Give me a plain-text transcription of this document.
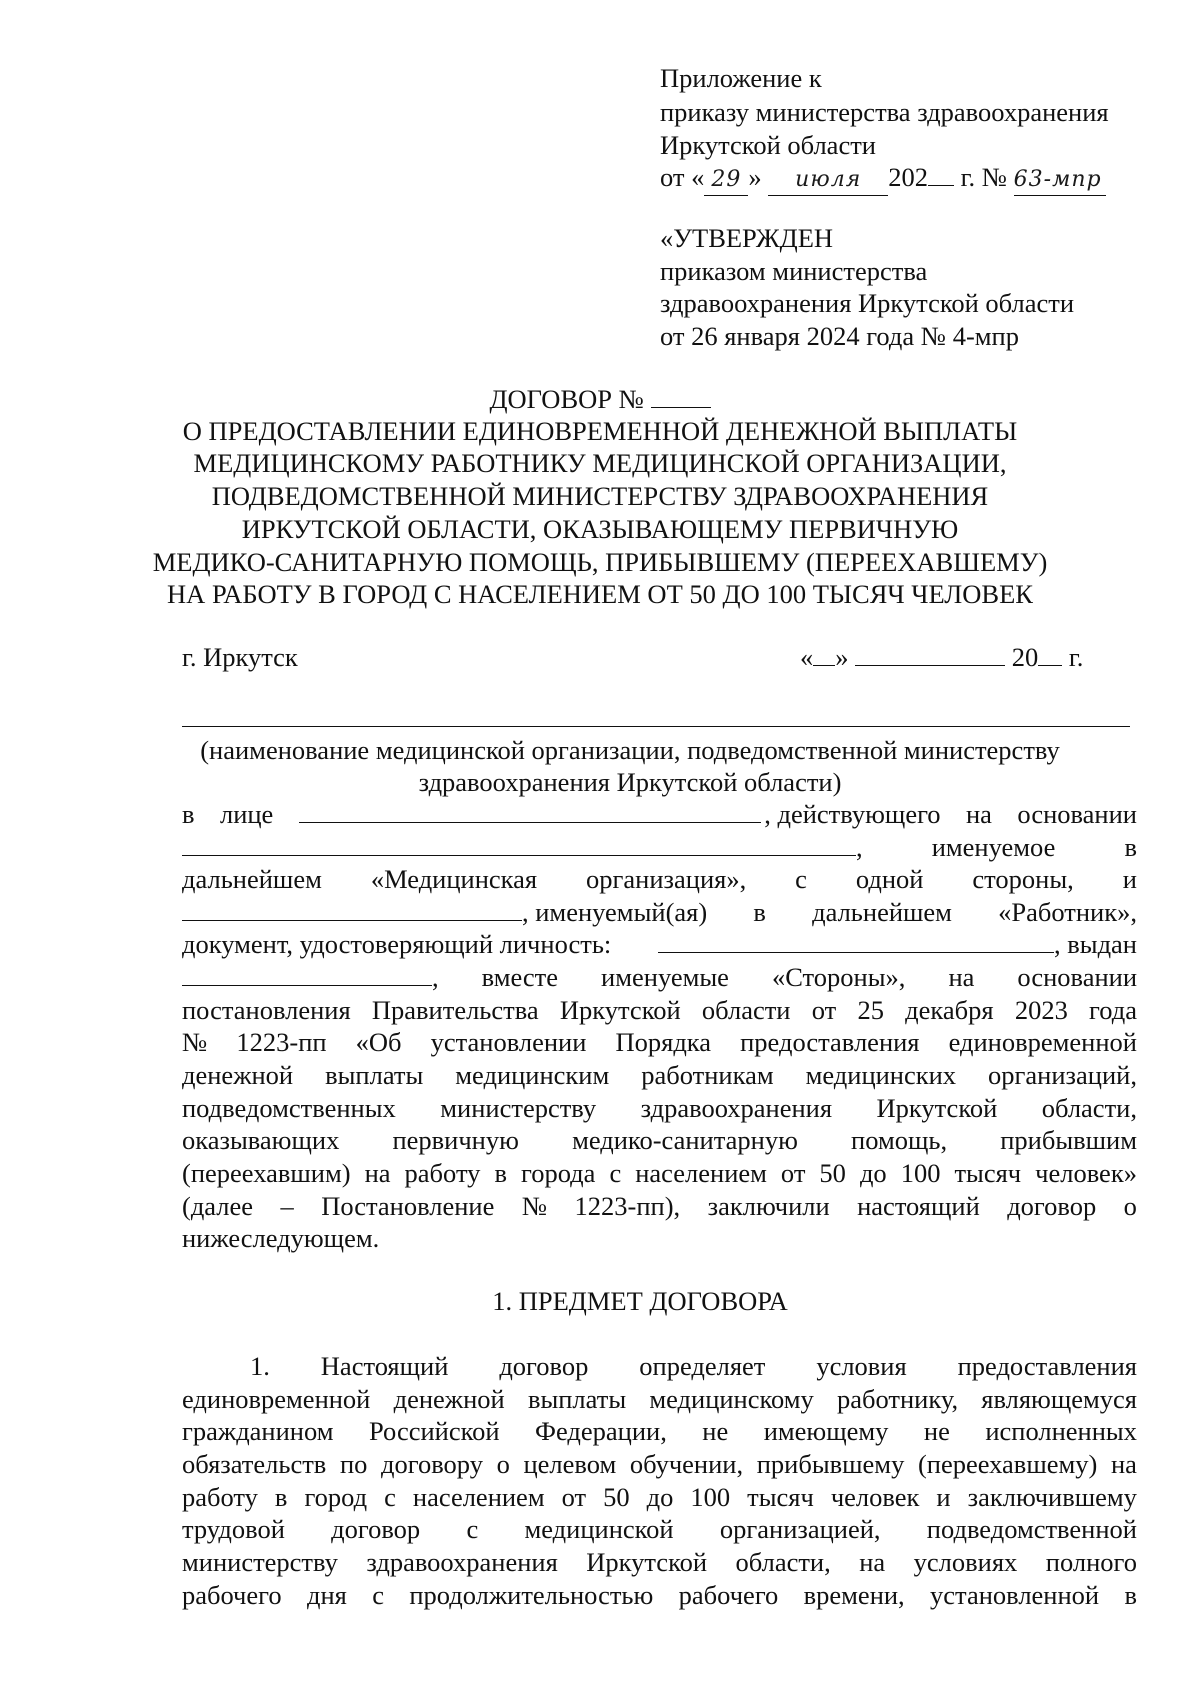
Приложение к
приказу министерства здравоохранения
Иркутской области
от « 29 » июля 202 г. № 63-мпр
«УТВЕРЖДЕН
приказом министерства
здравоохранения Иркутской области
от 26 января 2024 года № 4-мпр
ДОГОВОР №
О ПРЕДОСТАВЛЕНИИ ЕДИНОВРЕМЕННОЙ ДЕНЕЖНОЙ ВЫПЛАТЫ
МЕДИЦИНСКОМУ РАБОТНИКУ МЕДИЦИНСКОЙ ОРГАНИЗАЦИИ,
ПОДВЕДОМСТВЕННОЙ МИНИСТЕРСТВУ ЗДРАВООХРАНЕНИЯ
ИРКУТСКОЙ ОБЛАСТИ, ОКАЗЫВАЮЩЕМУ ПЕРВИЧНУЮ
МЕДИКО-САНИТАРНУЮ ПОМОЩЬ, ПРИБЫВШЕМУ (ПЕРЕЕХАВШЕМУ)
НА РАБОТУ В ГОРОД С НАСЕЛЕНИЕМ ОТ 50 ДО 100 ТЫСЯЧ ЧЕЛОВЕК
г. Иркутск	« »	20 г.
(наименование медицинской организации, подведомственной министерству
здравоохранения Иркутской области)
в лице	, действующего на основании
,	именуемое	в
дальнейшем «Медицинская организация», с одной стороны, и
, именуемый(ая) в дальнейшем «Работник»,
документ, удостоверяющий личность:	, выдан
, вместе именуемые «Стороны», на основании
постановления Правительства Иркутской области от 25 декабря 2023 года
№ 1223-пп «Об установлении Порядка предоставления единовременной
денежной выплаты медицинским работникам медицинских организаций,
подведомственных министерству здравоохранения Иркутской области,
оказывающих первичную медико-санитарную помощь, прибывшим
(переехавшим) на работу в города с населением от 50 до 100 тысяч человек»
(далее – Постановление № 1223-пп), заключили настоящий договор о
нижеследующем.
1. ПРЕДМЕТ ДОГОВОРА
1. Настоящий договор определяет условия предоставления
единовременной денежной выплаты медицинскому работнику, являющемуся
гражданином Российской Федерации, не имеющему не исполненных
обязательств по договору о целевом обучении, прибывшему (переехавшему) на
работу в город с населением от 50 до 100 тысяч человек и заключившему
трудовой договор с медицинской организацией, подведомственной
министерству здравоохранения Иркутской области, на условиях полного
рабочего дня с продолжительностью рабочего времени, установленной в
